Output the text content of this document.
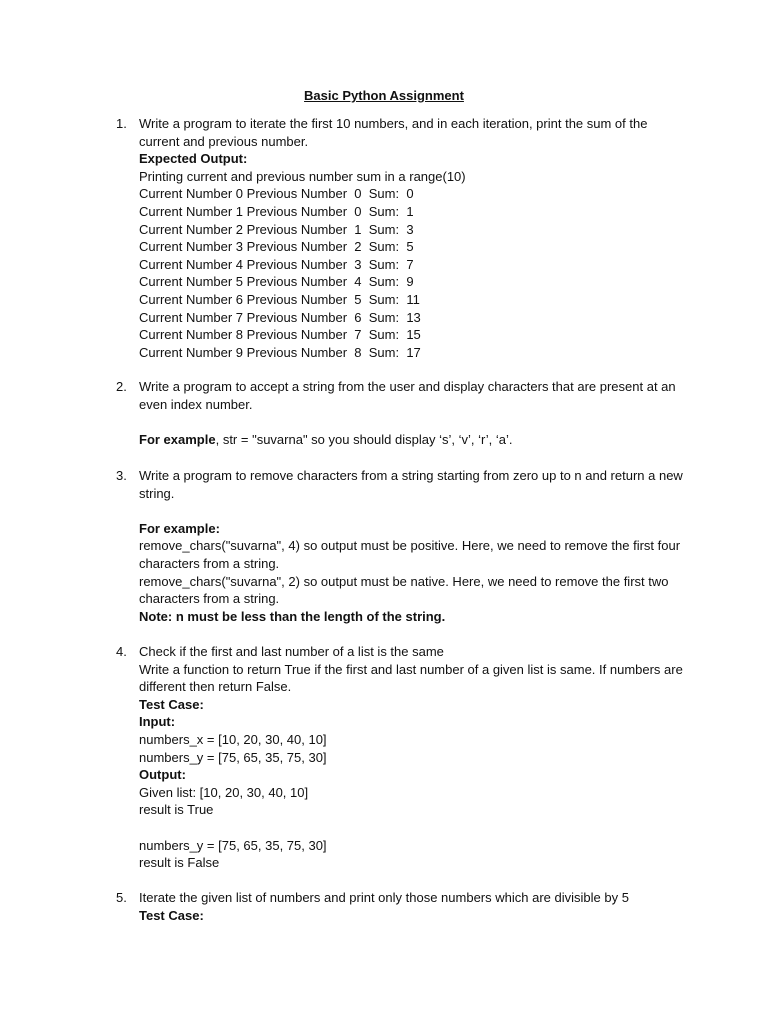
Basic Python Assignment
1. Write a program to iterate the first 10 numbers, and in each iteration, print the sum of the current and previous number.
Expected Output:
Printing current and previous number sum in a range(10)
Current Number 0 Previous Number  0  Sum:  0
Current Number 1 Previous Number  0  Sum:  1
Current Number 2 Previous Number  1  Sum:  3
Current Number 3 Previous Number  2  Sum:  5
Current Number 4 Previous Number  3  Sum:  7
Current Number 5 Previous Number  4  Sum:  9
Current Number 6 Previous Number  5  Sum:  11
Current Number 7 Previous Number  6  Sum:  13
Current Number 8 Previous Number  7  Sum:  15
Current Number 9 Previous Number  8  Sum:  17
2. Write a program to accept a string from the user and display characters that are present at an even index number.
For example, str = "suvarna" so you should display ‘s’, ‘v’, ‘r’, ‘a’.
3. Write a program to remove characters from a string starting from zero up to n and return a new string.
For example:
remove_chars("suvarna", 4) so output must be positive. Here, we need to remove the first four characters from a string.
remove_chars("suvarna", 2) so output must be native. Here, we need to remove the first two characters from a string.
Note: n must be less than the length of the string.
4. Check if the first and last number of a list is the same
Write a function to return True if the first and last number of a given list is same. If numbers are different then return False.
Test Case:
Input:
numbers_x = [10, 20, 30, 40, 10]
numbers_y = [75, 65, 35, 75, 30]
Output:
Given list: [10, 20, 30, 40, 10]
result is True
numbers_y = [75, 65, 35, 75, 30]
result is False
5. Iterate the given list of numbers and print only those numbers which are divisible by 5
Test Case:
